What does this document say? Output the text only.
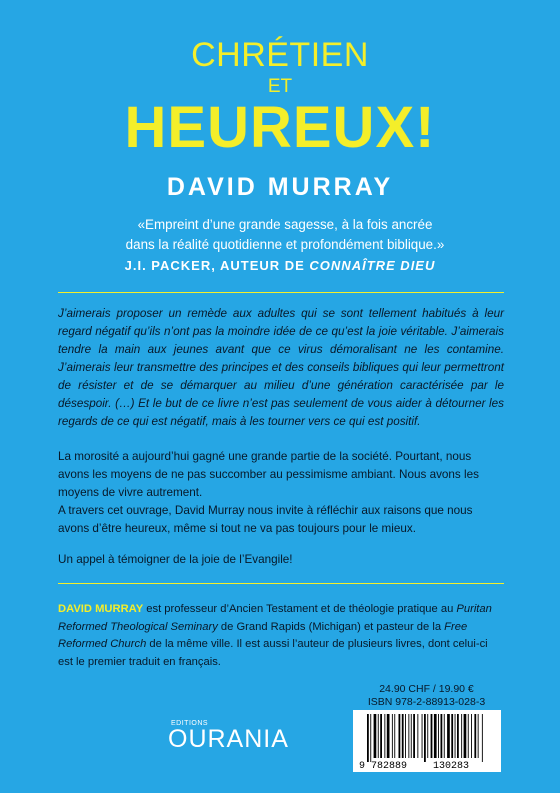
CHRÉTIEN
ET
HEUREUX!
DAVID MURRAY
«Empreint d’une grande sagesse, à la fois ancrée
dans la réalité quotidienne et profondément biblique.»
J.I. PACKER, AUTEUR DE CONNAÎTRE DIEU
J’aimerais proposer un remède aux adultes qui se sont tellement habitués à leur regard négatif qu’ils n’ont pas la moindre idée de ce qu’est la joie véritable. J’aimerais tendre la main aux jeunes avant que ce virus démoralisant ne les contamine. J’aimerais leur transmettre des principes et des conseils bibliques qui leur permettront de résister et de se démarquer au milieu d’une génération caractérisée par le désespoir. (…) Et le but de ce livre n’est pas seulement de vous aider à détourner les regards de ce qui est négatif, mais à les tourner vers ce qui est positif.
La morosité a aujourd’hui gagné une grande partie de la société. Pourtant, nous avons les moyens de ne pas succomber au pessimisme ambiant. Nous avons les moyens de vivre autrement.
A travers cet ouvrage, David Murray nous invite à réfléchir aux raisons que nous avons d’être heureux, même si tout ne va pas toujours pour le mieux.
Un appel à témoigner de la joie de l’Evangile!
DAVID MURRAY est professeur d’Ancien Testament et de théologie pratique au Puritan Reformed Theological Seminary de Grand Rapids (Michigan) et pasteur de la Free Reformed Church de la même ville. Il est aussi l’auteur de plusieurs livres, dont celui-ci est le premier traduit en français.
EDITIONS
OURANIA
24.90 CHF / 19.90 €
ISBN 978-2-88913-028-3
9 782889	130283
